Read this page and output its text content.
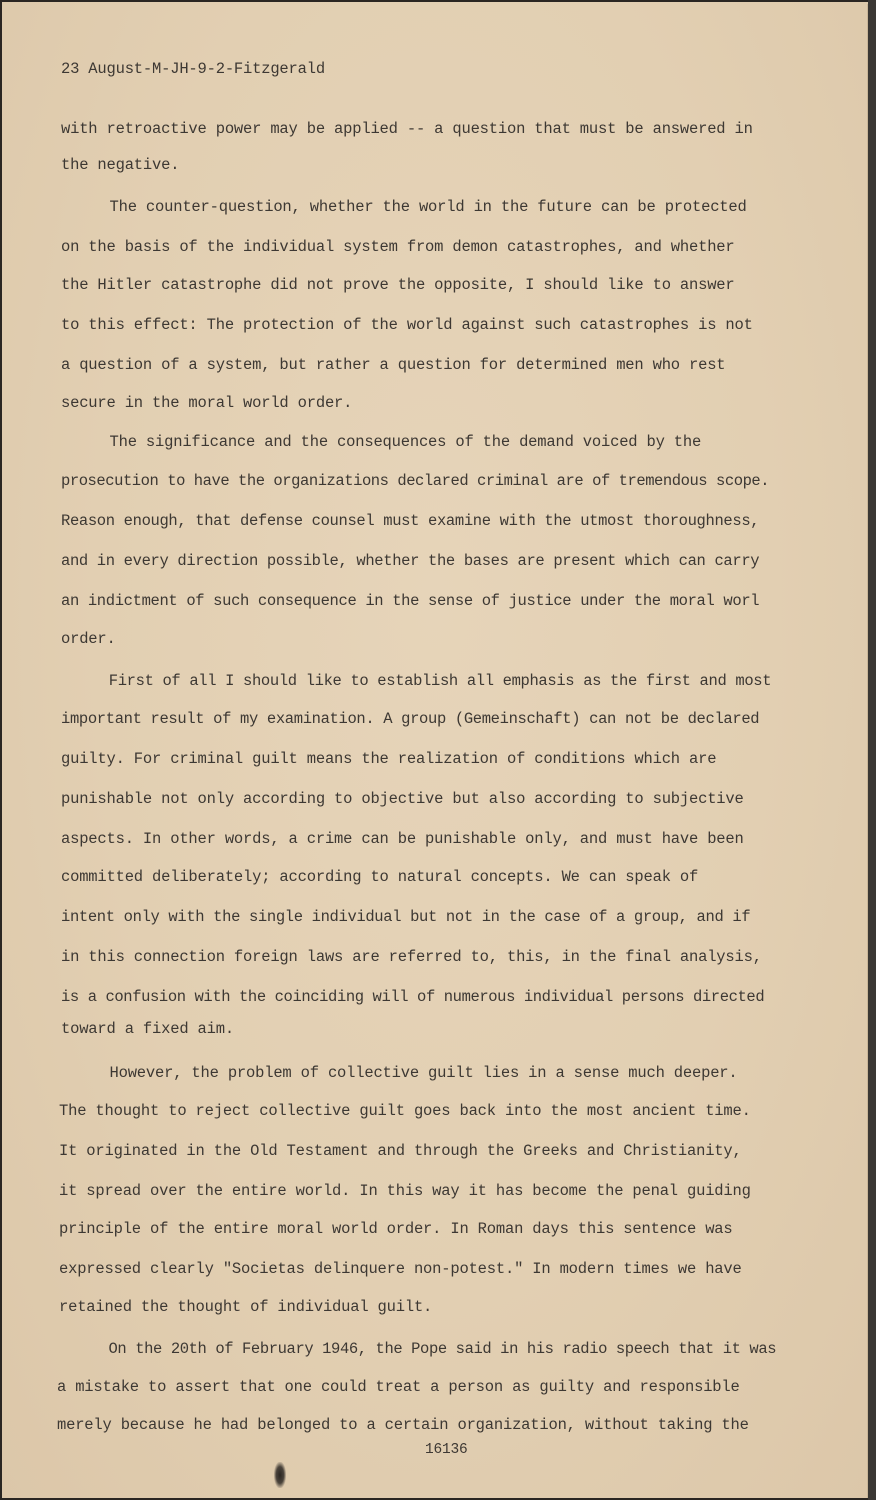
23 August-M-JH-9-2-Fitzgerald
with retroactive power may be applied -- a question that must be answered in
the negative.
The counter-question, whether the world in the future can be protected
on the basis of the individual system from demon catastrophes, and whether
the Hitler catastrophe did not prove the opposite, I should like to answer
to this effect: The protection of the world against such catastrophes is not
a question of a system, but rather a question for determined men who rest
secure in the moral world order.
The significance and the consequences of the demand voiced by the
prosecution to have the organizations declared criminal are of tremendous scope.
Reason enough, that defense counsel must examine with the utmost thoroughness,
and in every direction possible, whether the bases are present which can carry
an indictment of such consequence in the sense of justice under the moral worl
order.
First of all I should like to establish all emphasis as the first and most
important result of my examination. A group (Gemeinschaft) can not be declared
guilty. For criminal guilt means the realization of conditions which are
punishable not only according to objective but also according to subjective
aspects. In other words, a crime can be punishable only, and must have been
committed deliberately; according to natural concepts. We can speak of
intent only with the single individual but not in the case of a group, and if
in this connection foreign laws are referred to, this, in the final analysis,
is a confusion with the coinciding will of numerous individual persons directed
toward a fixed aim.
However, the problem of collective guilt lies in a sense much deeper.
The thought to reject collective guilt goes back into the most ancient time.
It originated in the Old Testament and through the Greeks and Christianity,
it spread over the entire world. In this way it has become the penal guiding
principle of the entire moral world order. In Roman days this sentence was
expressed clearly "Societas delinquere non-potest." In modern times we have
retained the thought of individual guilt.
On the 20th of February 1946, the Pope said in his radio speech that it was
a mistake to assert that one could treat a person as guilty and responsible
merely because he had belonged to a certain organization, without taking the
16136
